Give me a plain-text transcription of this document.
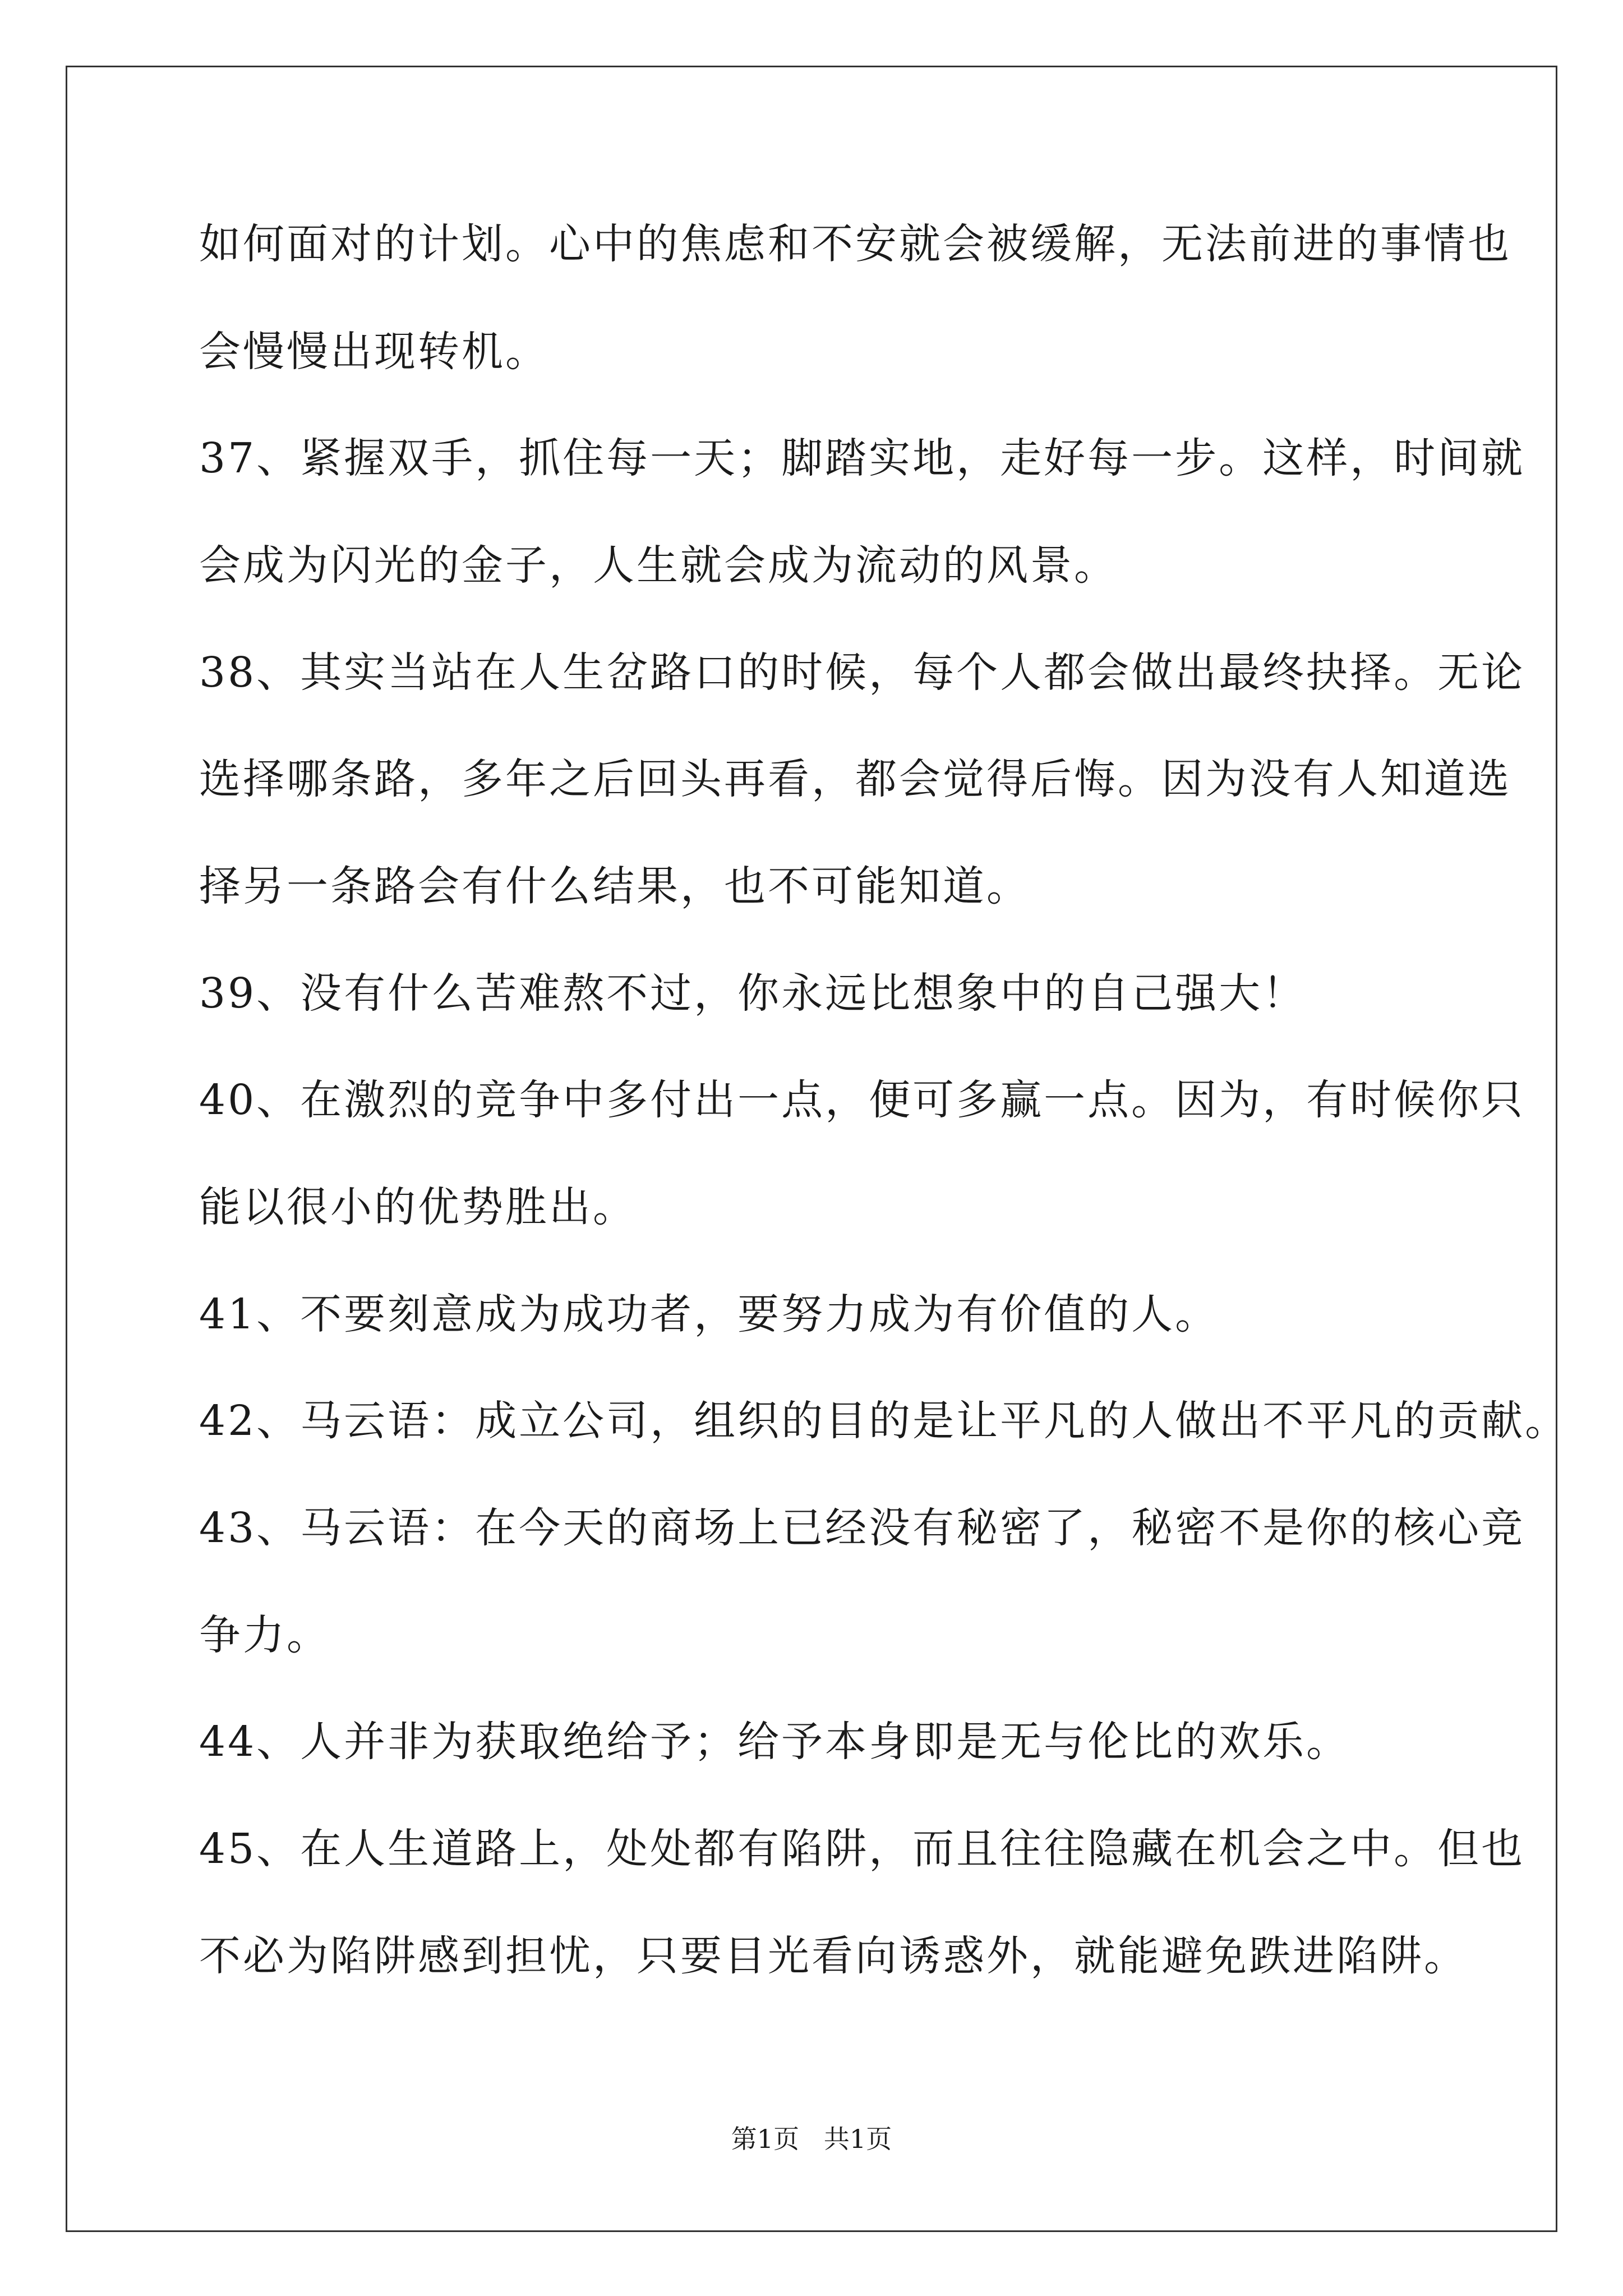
如何面对的计划。心中的焦虑和不安就会被缓解，无法前进的事情也

会慢慢出现转机。

37、紧握双手，抓住每一天；脚踏实地，走好每一步。这样，时间就

会成为闪光的金子，人生就会成为流动的风景。

38、其实当站在人生岔路口的时候，每个人都会做出最终抉择。无论

选择哪条路，多年之后回头再看，都会觉得后悔。因为没有人知道选

择另一条路会有什么结果，也不可能知道。

39、没有什么苦难熬不过，你永远比想象中的自己强大！

40、在激烈的竞争中多付出一点，便可多赢一点。因为，有时候你只

能以很小的优势胜出。

41、不要刻意成为成功者，要努力成为有价值的人。

42、马云语：成立公司，组织的目的是让平凡的人做出不平凡的贡献。

43、马云语：在今天的商场上已经没有秘密了，秘密不是你的核心竞

争力。

44、人并非为获取绝给予；给予本身即是无与伦比的欢乐。

45、在人生道路上，处处都有陷阱，而且往往隐藏在机会之中。但也

不必为陷阱感到担忧，只要目光看向诱惑外，就能避免跌进陷阱。

第1页   共1页
